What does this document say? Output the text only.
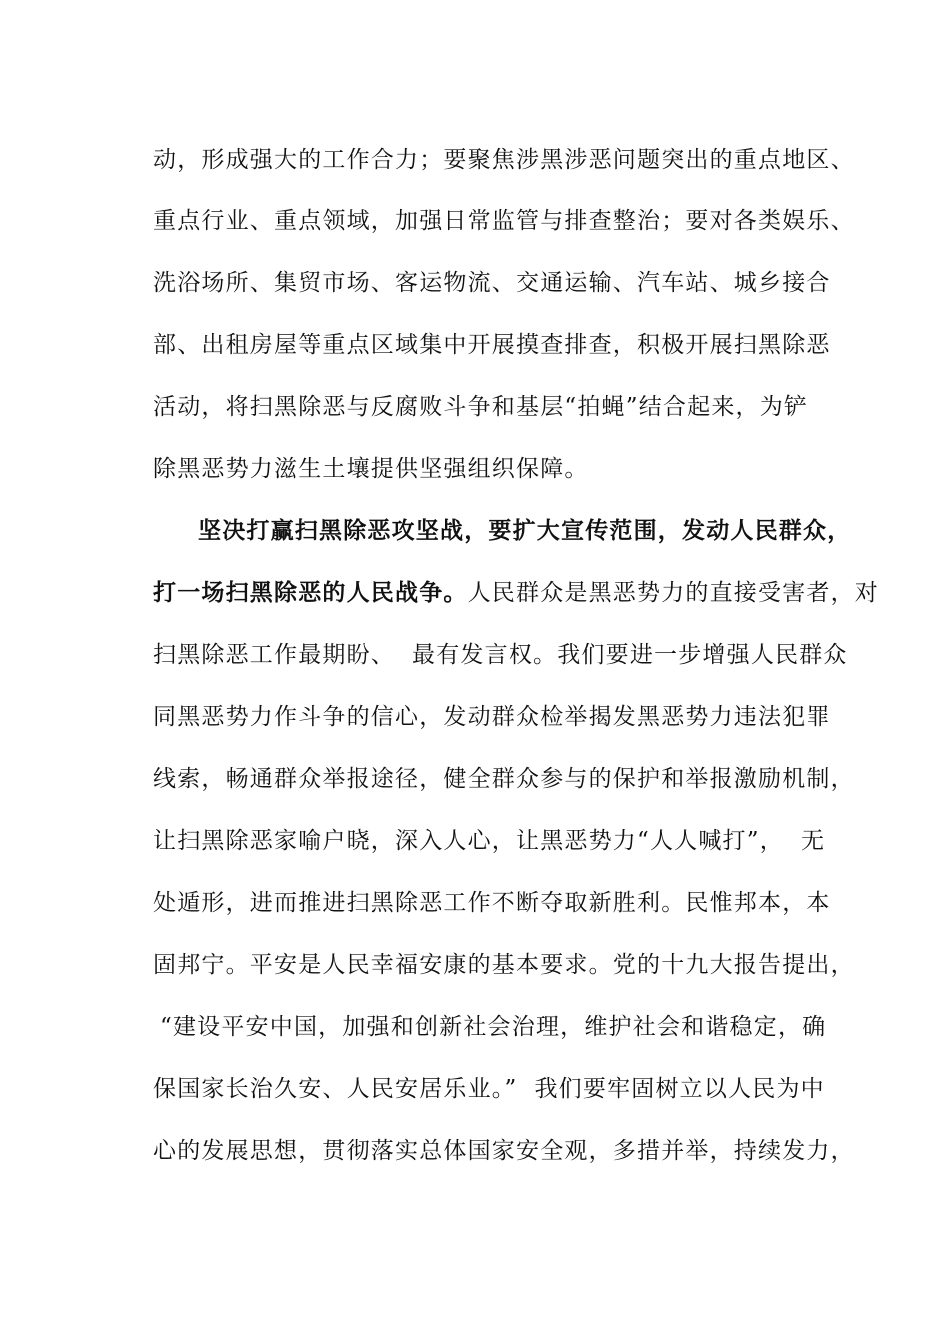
动，形成强大的工作合力；要聚焦涉黑涉恶问题突出的重点地区、
重点行业、重点领域，加强日常监管与排查整治；要对各类娱乐、
洗浴场所、集贸市场、客运物流、交通运输、汽车站、城乡接合
部、出租房屋等重点区域集中开展摸查排查，积极开展扫黑除恶
活动，将扫黑除恶与反腐败斗争和基层“拍蝇”结合起来，为铲
除黑恶势力滋生土壤提供坚强组织保障。
坚决打赢扫黑除恶攻坚战，要扩大宣传范围，发动人民群众，
打一场扫黑除恶的人民战争。人民群众是黑恶势力的直接受害者，对
扫黑除恶工作最期盼、  最有发言权。我们要进一步增强人民群众
同黑恶势力作斗争的信心，发动群众检举揭发黑恶势力违法犯罪
线索，畅通群众举报途径，健全群众参与的保护和举报激励机制，
让扫黑除恶家喻户晓，深入人心，让黑恶势力“人人喊打”，  无
处遁形，进而推进扫黑除恶工作不断夺取新胜利。民惟邦本，本
固邦宁。平安是人民幸福安康的基本要求。党的十九大报告提出，
“建设平安中国，加强和创新社会治理，维护社会和谐稳定，确
保国家长治久安、人民安居乐业。”  我们要牢固树立以人民为中
心的发展思想，贯彻落实总体国家安全观，多措并举，持续发力，
